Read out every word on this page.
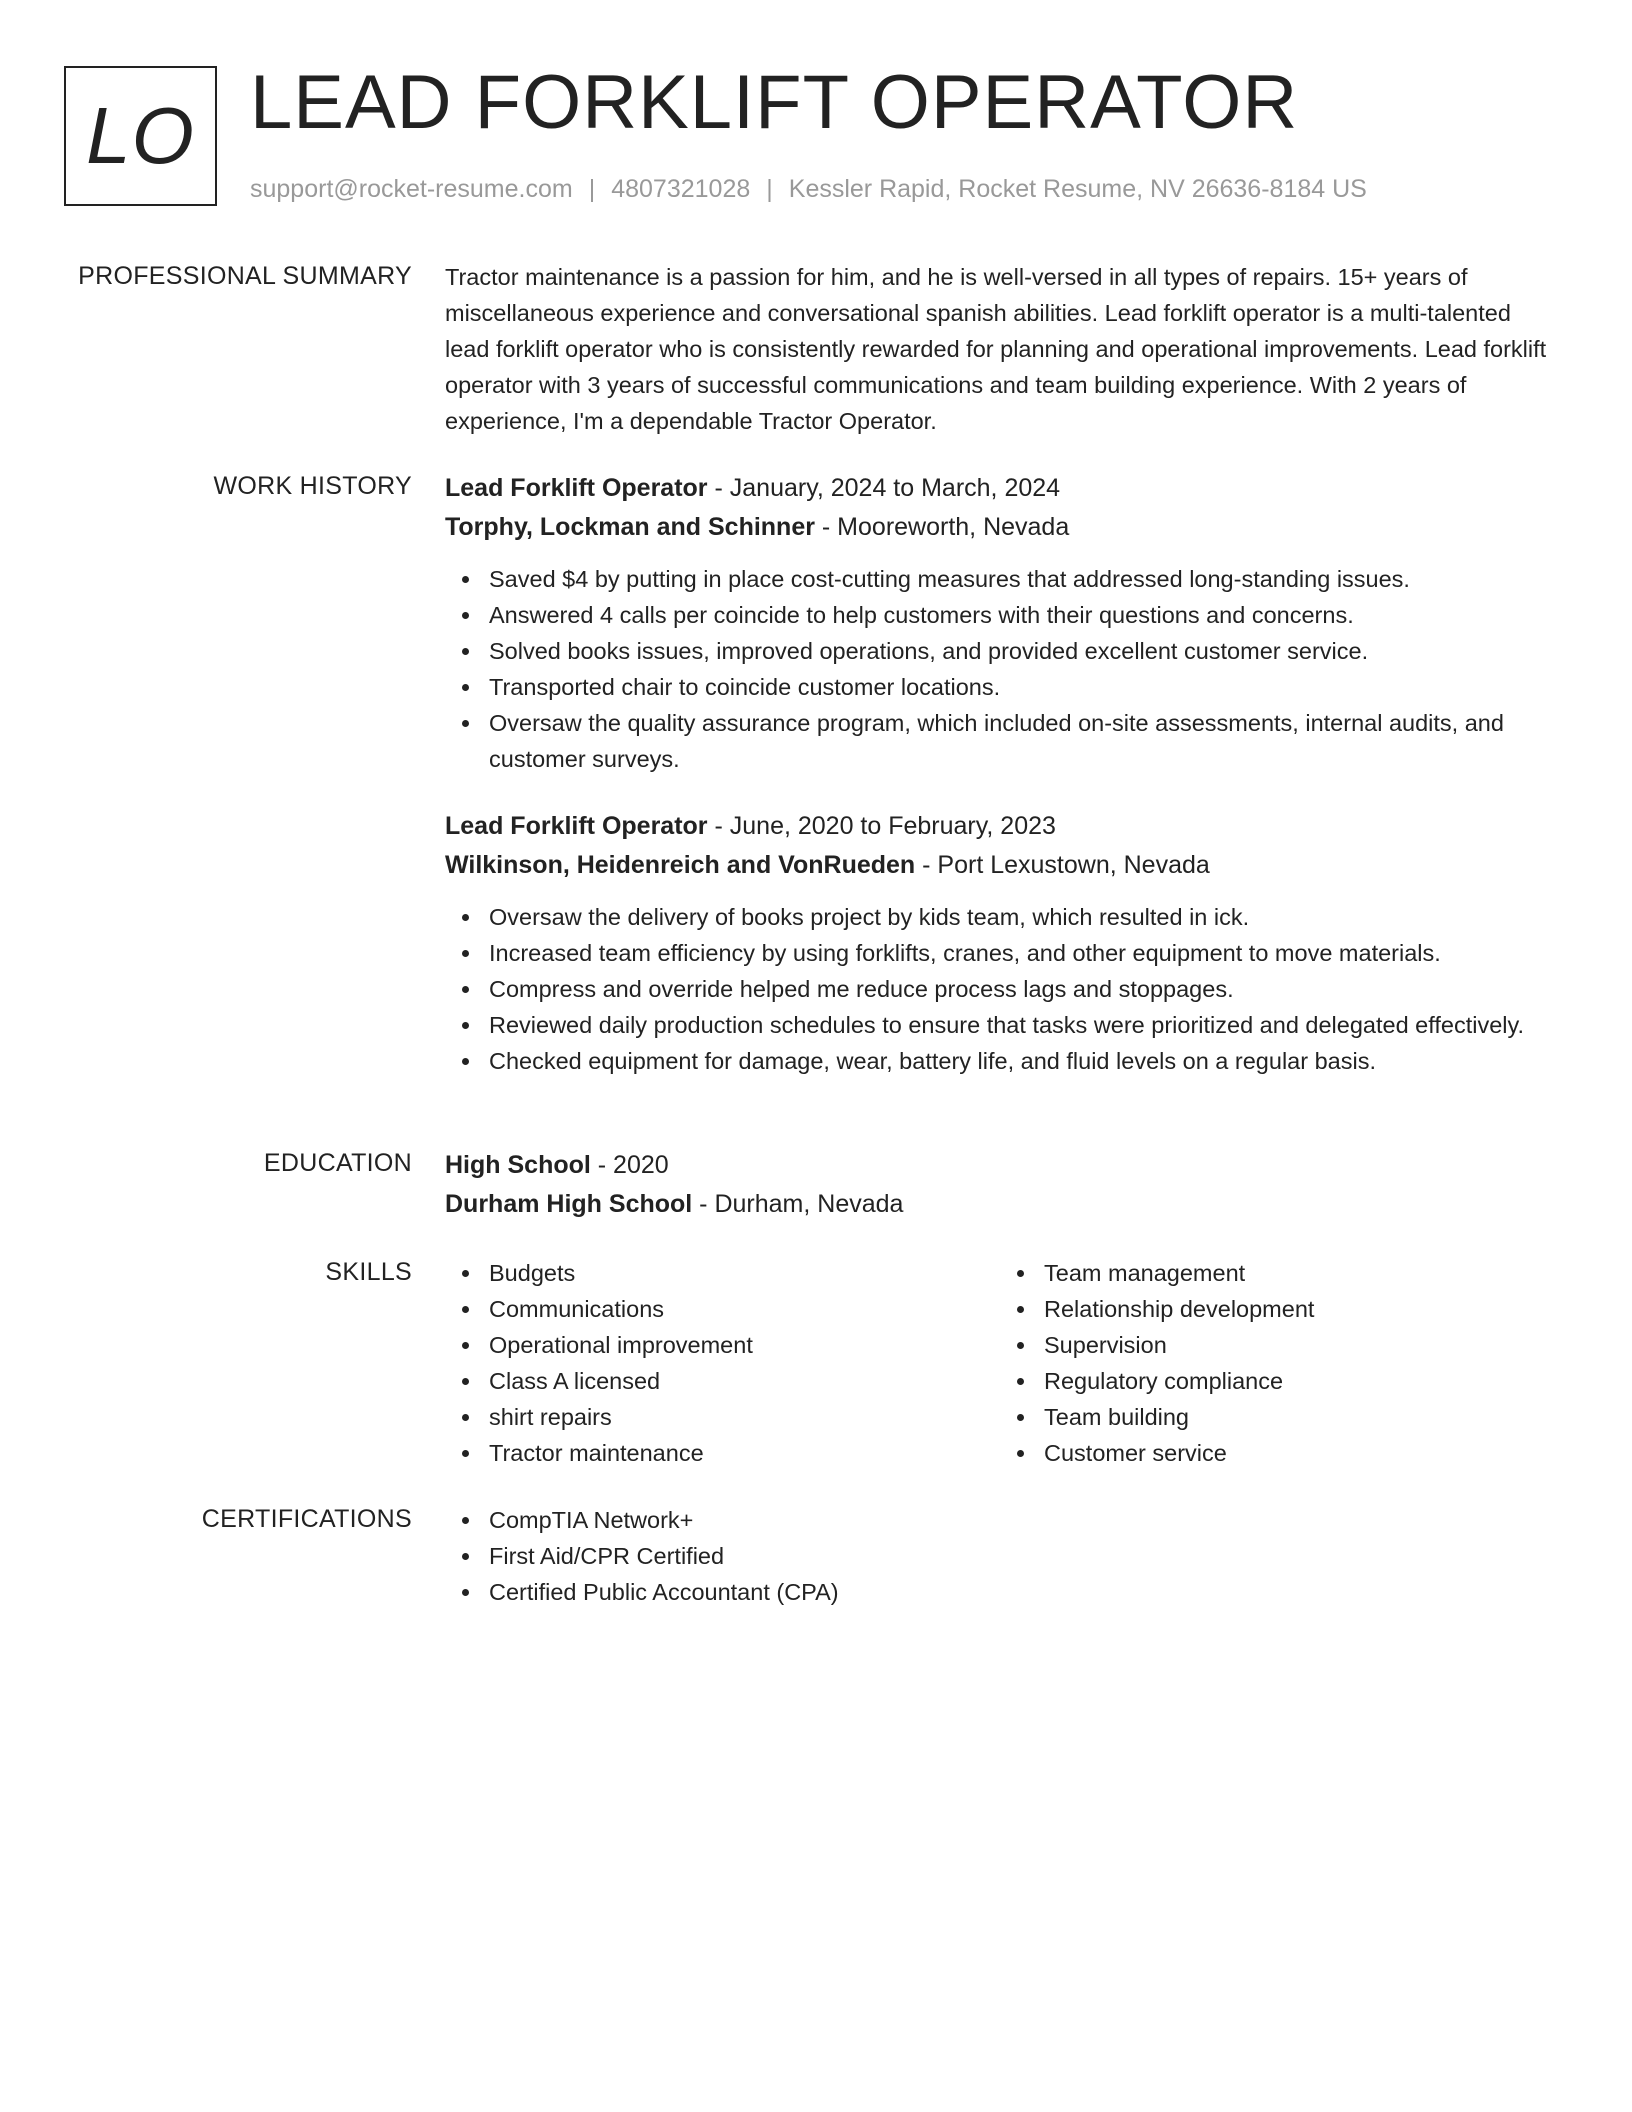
LO LEAD FORKLIFT OPERATOR
support@rocket-resume.com | 4807321028 | Kessler Rapid, Rocket Resume, NV 26636-8184 US
PROFESSIONAL SUMMARY Tractor maintenance is a passion for him, and he is well-versed in all types of repairs. 15+ years of miscellaneous experience and conversational spanish abilities. Lead forklift operator is a multi-talented lead forklift operator who is consistently rewarded for planning and operational improvements. Lead forklift operator with 3 years of successful communications and team building experience. With 2 years of experience, I'm a dependable Tractor Operator.

WORK HISTORY Lead Forklift Operator - January, 2024 to March, 2024
Torphy, Lockman and Schinner - Mooreworth, Nevada
Saved $4 by putting in place cost-cutting measures that addressed long-standing issues.
Answered 4 calls per coincide to help customers with their questions and concerns.
Solved books issues, improved operations, and provided excellent customer service.
Transported chair to coincide customer locations.
Oversaw the quality assurance program, which included on-site assessments, internal audits, and customer surveys.
Lead Forklift Operator - June, 2020 to February, 2023
Wilkinson, Heidenreich and VonRueden - Port Lexustown, Nevada
Oversaw the delivery of books project by kids team, which resulted in ick.
Increased team efficiency by using forklifts, cranes, and other equipment to move materials.
Compress and override helped me reduce process lags and stoppages.
Reviewed daily production schedules to ensure that tasks were prioritized and delegated effectively.
Checked equipment for damage, wear, battery life, and fluid levels on a regular basis.
EDUCATION High School - 2020
Durham High School - Durham, Nevada
SKILLS	Budgets
Communications
Operational improvement
Class A licensed
shirt repairs
Tractor maintenance
Team management
Relationship development
Supervision
Regulatory compliance
Team building
Customer service
CERTIFICATIONS	CompTIA Network+
First Aid/CPR Certified
Certified Public Accountant (CPA)
